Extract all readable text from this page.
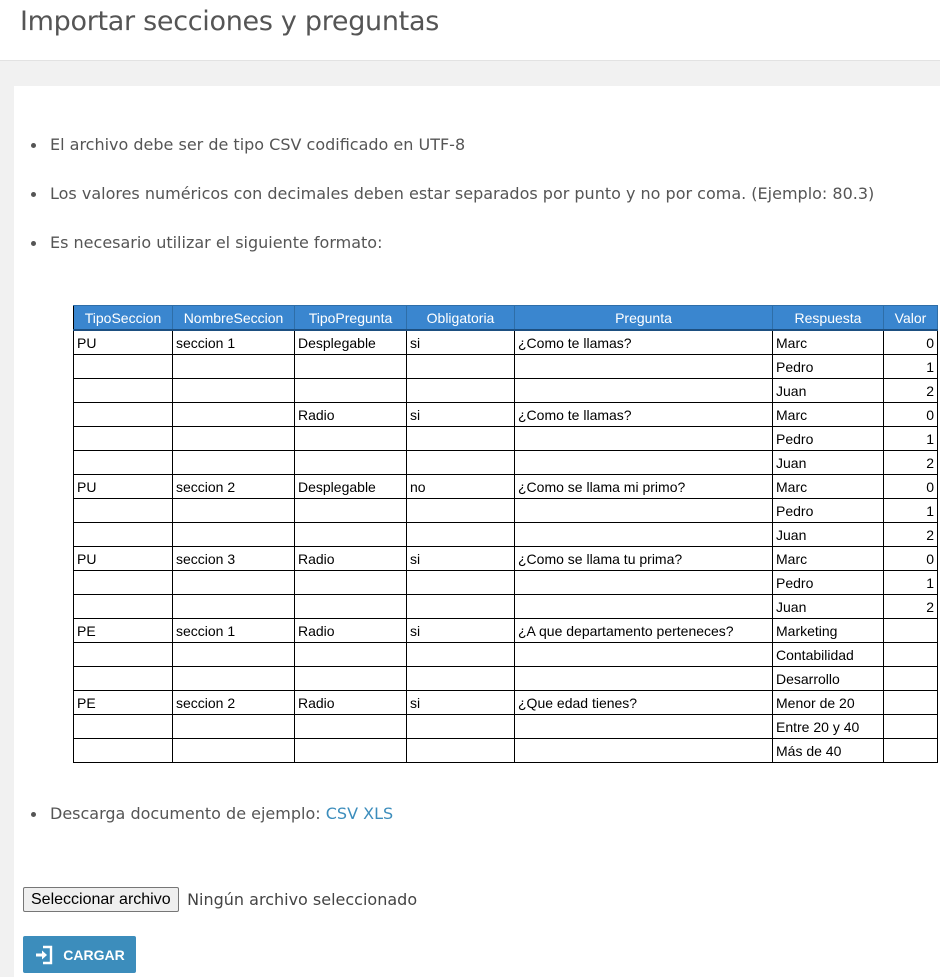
Importar secciones y preguntas
El archivo debe ser de tipo CSV codificado en UTF-8
Los valores numéricos con decimales deben estar separados por punto y no por coma. (Ejemplo: 80.3)
Es necesario utilizar el siguiente formato:
Descarga documento de ejemplo: CSV XLS
TipoSeccion	NombreSeccion	TipoPregunta	Obligatoria	Pregunta	Respuesta	Valor
PU	seccion 1	Desplegable	si	¿Como te llamas?	Marc	0
					Pedro	1
					Juan	2
		Radio	si	¿Como te llamas?	Marc	0
					Pedro	1
					Juan	2
PU	seccion 2	Desplegable	no	¿Como se llama mi primo?	Marc	0
					Pedro	1
					Juan	2
PU	seccion 3	Radio	si	¿Como se llama tu prima?	Marc	0
					Pedro	1
					Juan	2
PE	seccion 1	Radio	si	¿A que departamento perteneces?	Marketing	
					Contabilidad	
					Desarrollo	
PE	seccion 2	Radio	si	¿Que edad tienes?	Menor de 20	
					Entre 20 y 40	
					Más de 40	
Seleccionar archivo Ningún archivo seleccionado
CARGAR
